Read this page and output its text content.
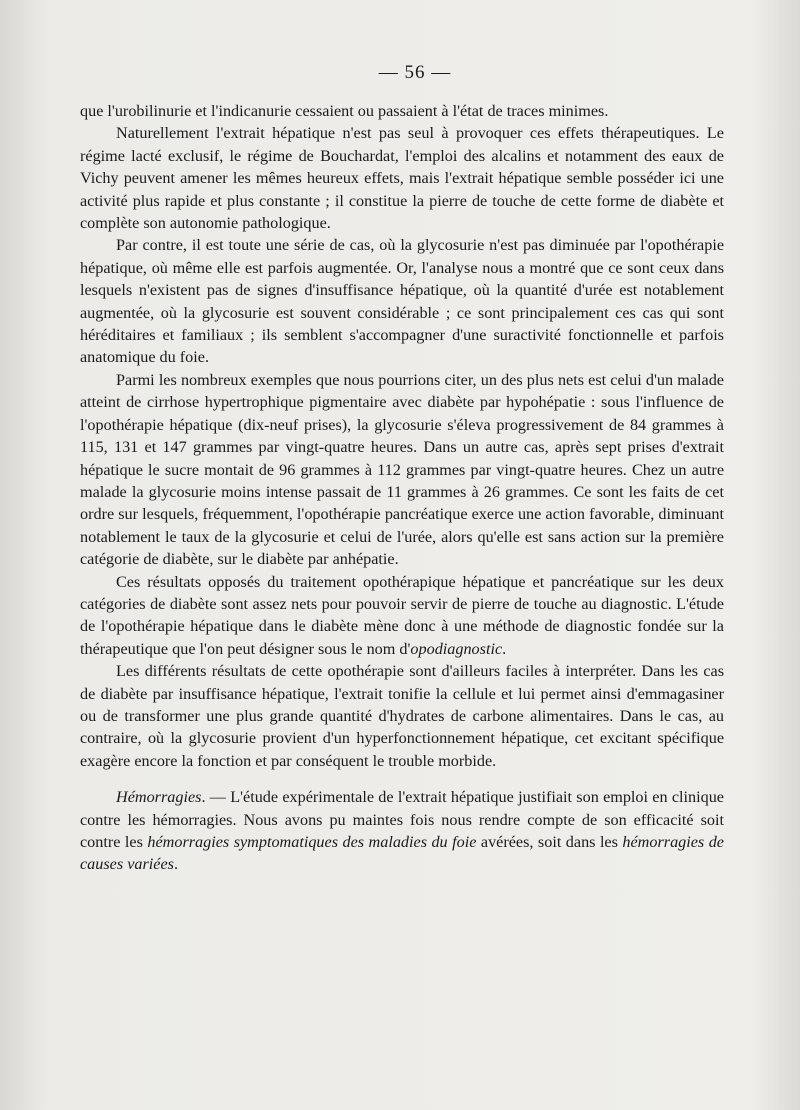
— 56 —

que l'urobilinurie et l'indicanurie cessaient ou passaient à l'état de traces minimes.

Naturellement l'extrait hépatique n'est pas seul à provoquer ces effets thérapeutiques. Le régime lacté exclusif, le régime de Bouchardat, l'emploi des alcalins et notamment des eaux de Vichy peuvent amener les mêmes heureux effets, mais l'extrait hépatique semble posséder ici une activité plus rapide et plus constante ; il constitue la pierre de touche de cette forme de diabète et complète son autonomie pathologique.

Par contre, il est toute une série de cas, où la glycosurie n'est pas diminuée par l'opothérapie hépatique, où même elle est parfois augmentée. Or, l'analyse nous a montré que ce sont ceux dans lesquels n'existent pas de signes d'insuffisance hépatique, où la quantité d'urée est notablement augmentée, où la glycosurie est souvent considérable ; ce sont principalement ces cas qui sont héréditaires et familiaux ; ils semblent s'accompagner d'une suractivité fonctionnelle et parfois anatomique du foie.

Parmi les nombreux exemples que nous pourrions citer, un des plus nets est celui d'un malade atteint de cirrhose hypertrophique pigmentaire avec diabète par hypohépatie : sous l'influence de l'opothérapie hépatique (dix-neuf prises), la glycosurie s'éleva progressivement de 84 grammes à 115, 131 et 147 grammes par vingt-quatre heures. Dans un autre cas, après sept prises d'extrait hépatique le sucre montait de 96 grammes à 112 grammes par vingt-quatre heures. Chez un autre malade la glycosurie moins intense passait de 11 grammes à 26 grammes. Ce sont les faits de cet ordre sur lesquels, fréquemment, l'opothérapie pancréatique exerce une action favorable, diminuant notablement le taux de la glycosurie et celui de l'urée, alors qu'elle est sans action sur la première catégorie de diabète, sur le diabète par anhépatie.

Ces résultats opposés du traitement opothérapique hépatique et pancréatique sur les deux catégories de diabète sont assez nets pour pouvoir servir de pierre de touche au diagnostic. L'étude de l'opothérapie hépatique dans le diabète mène donc à une méthode de diagnostic fondée sur la thérapeutique que l'on peut désigner sous le nom d'opodiagnostic.

Les différents résultats de cette opothérapie sont d'ailleurs faciles à interpréter. Dans les cas de diabète par insuffisance hépatique, l'extrait tonifie la cellule et lui permet ainsi d'emmagasiner ou de transformer une plus grande quantité d'hydrates de carbone alimentaires. Dans le cas, au contraire, où la glycosurie provient d'un hyperfonctionnement hépatique, cet excitant spécifique exagère encore la fonction et par conséquent le trouble morbide.

Hémorragies. — L'étude expérimentale de l'extrait hépatique justifiait son emploi en clinique contre les hémorragies. Nous avons pu maintes fois nous rendre compte de son efficacité soit contre les hémorragies symptomatiques des maladies du foie avérées, soit dans les hémorragies de causes variées.
